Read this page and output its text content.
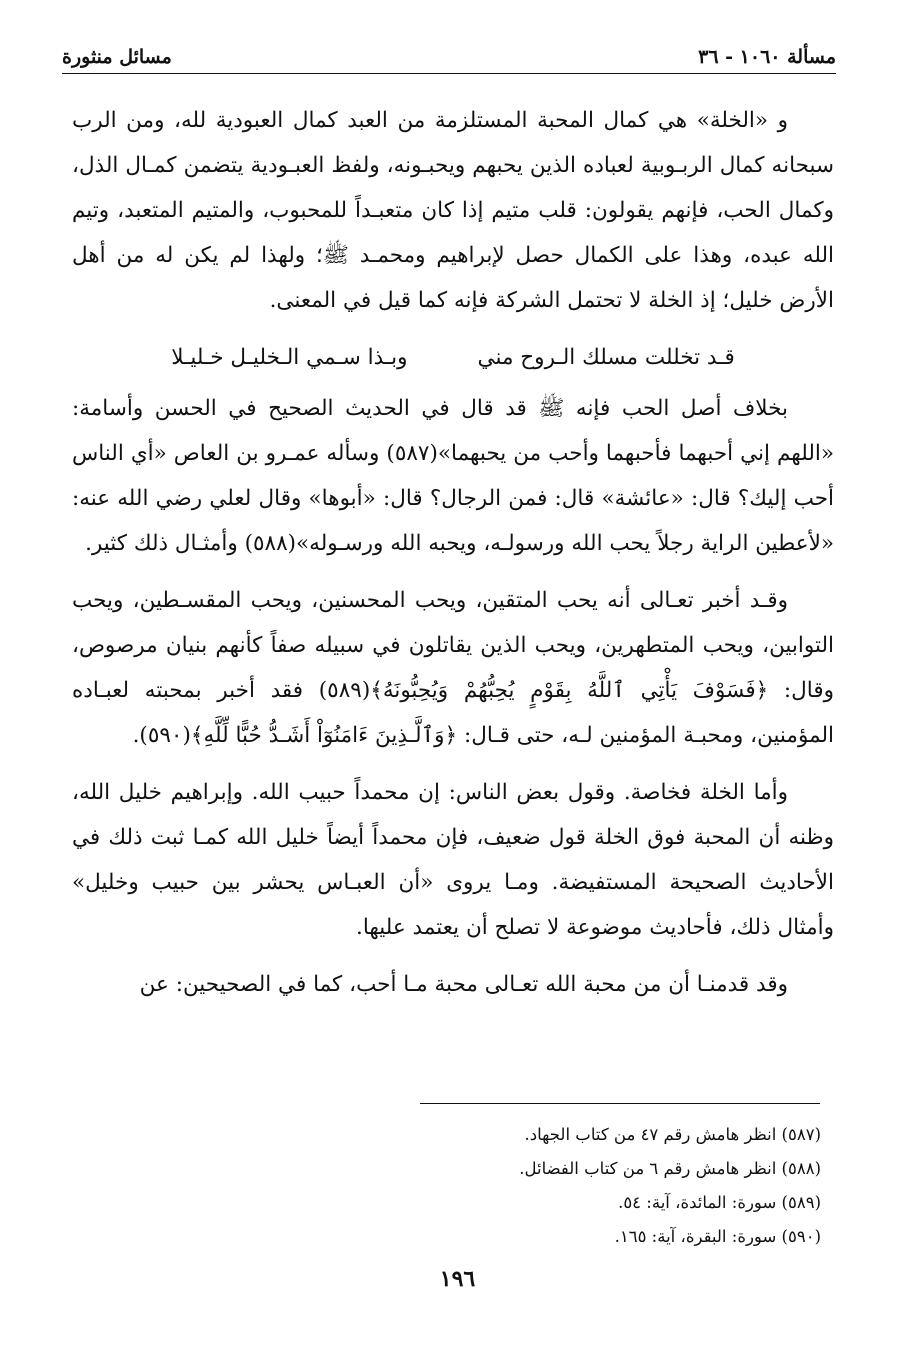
مسألة ١٠٦٠ - ٣٦
مسائل منثورة

و «الخلة» هي كمال المحبة المستلزمة من العبد كمال العبودية لله، ومن الرب سبحانه كمال الربـوبية لعباده الذين يحبهم ويحبـونه، ولفظ العبـودية يتضمن كمـال الذل، وكمال الحب، فإنهم يقولون: قلب متيم إذا كان متعبـداً للمحبوب، والمتيم المتعبد، وتيم الله عبده، وهذا على الكمال حصل لإبراهيم ومحمـد ﷺ؛ ولهذا لم يكن له من أهل الأرض خليل؛ إذ الخلة لا تحتمل الشركة فإنه كما قيل في المعنى.

قـد تخللت مسلك الـروح مني
وبـذا سـمي الـخليـل خـليـلا

بخلاف أصل الحب فإنه ﷺ قد قال في الحديث الصحيح في الحسن وأسامة: «اللهم إني أحبهما فأحبهما وأحب من يحبهما»(٥٨٧) وسأله عمـرو بن العاص «أي الناس أحب إليك؟ قال: «عائشة» قال: فمن الرجال؟ قال: «أبوها» وقال لعلي رضي الله عنه: «لأعطين الراية رجلاً يحب الله ورسولـه، ويحبه الله ورسـوله»(٥٨٨) وأمثـال ذلك كثير.

وقـد أخبر تعـالى أنه يحب المتقين، ويحب المحسنين، ويحب المقسـطين، ويحب التوابين، ويحب المتطهرين، ويحب الذين يقاتلون في سبيله صفاً كأنهم بنيان مرصوص، وقال: ﴿فَسَوْفَ يَأْتِي ٱللَّهُ بِقَوْمٍ يُحِبُّهُمْ وَيُحِبُّونَهُ﴾(٥٨٩) فقد أخبر بمحبته لعبـاده المؤمنين، ومحبـة المؤمنين لـه، حتى قـال: ﴿وَٱلَّـذِينَ ءَامَنُوٓاْ أَشَـدُّ حُبًّا لِّلَّهِ﴾(٥٩٠).

وأما الخلة فخاصة. وقول بعض الناس: إن محمداً حبيب الله. وإبراهيم خليل الله، وظنه أن المحبة فوق الخلة قول ضعيف، فإن محمداً أيضاً خليل الله كمـا ثبت ذلك في الأحاديث الصحيحة المستفيضة. ومـا يروى «أن العبـاس يحشر بين حبيب وخليل» وأمثال ذلك، فأحاديث موضوعة لا تصلح أن يعتمد عليها.

وقد قدمنـا أن من محبة الله تعـالى محبة مـا أحب، كما في الصحيحين: عن

(٥٨٧) انظر هامش رقم ٤٧ من كتاب الجهاد.

(٥٨٨) انظر هامش رقم ٦ من كتاب الفضائل.

(٥٨٩) سورة: المائدة، آية: ٥٤.

(٥٩٠) سورة: البقرة، آية: ١٦٥.

١٩٦
